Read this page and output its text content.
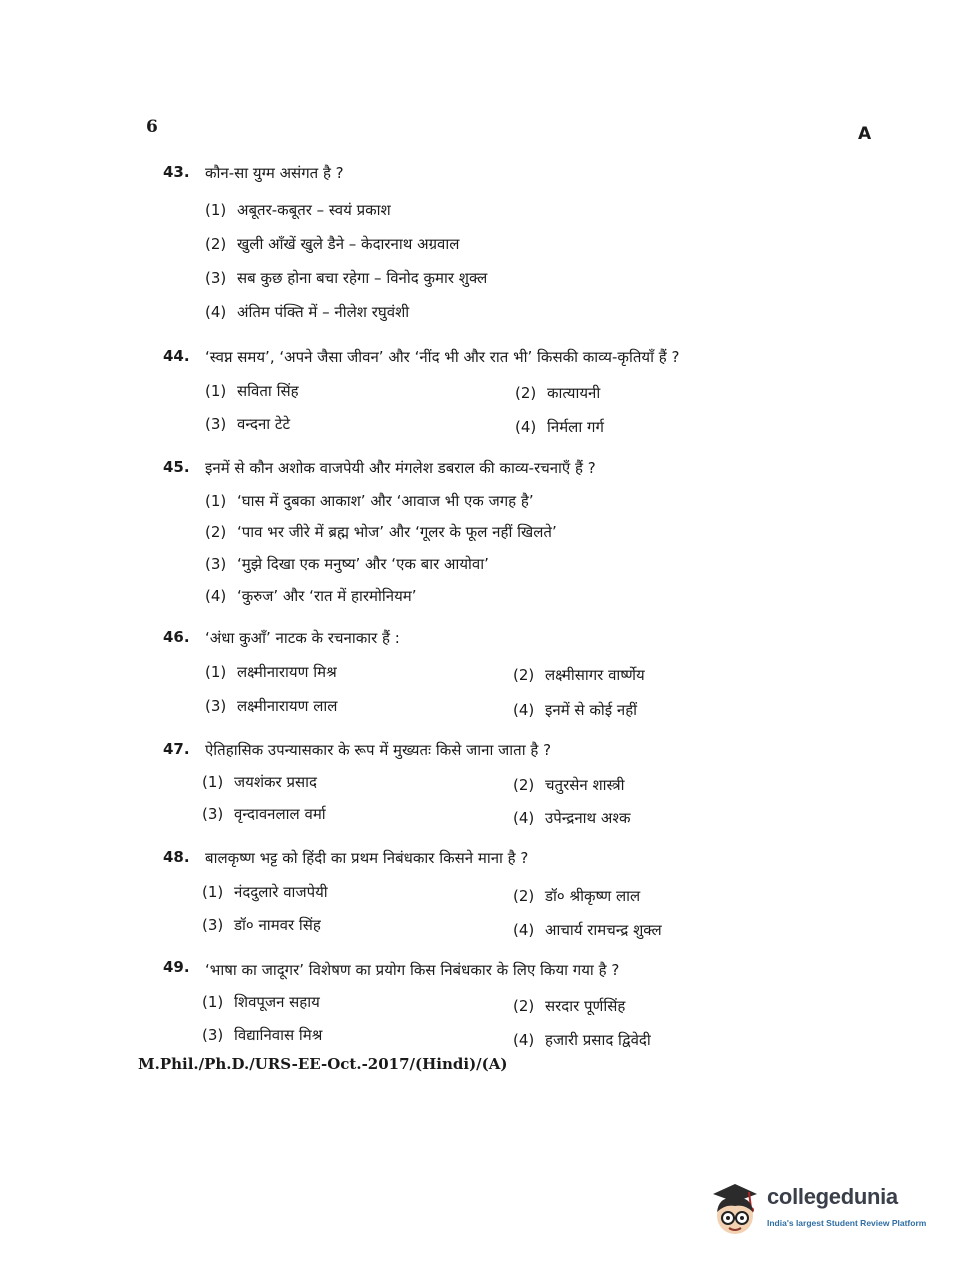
6	A
43. कौन-सा युग्म असंगत है ?
(1) अबूतर-कबूतर – स्वयं प्रकाश
(2) खुली आँखें खुले डैने – केदारनाथ अग्रवाल
(3) सब कुछ होना बचा रहेगा – विनोद कुमार शुक्ल
(4) अंतिम पंक्ति में – नीलेश रघुवंशी
44. ‘स्वप्न समय’, ‘अपने जैसा जीवन’ और ‘नींद भी और रात भी’ किसकी काव्य-कृतियाँ हैं ?
(1) सविता सिंह	(2) कात्यायनी
(3) वन्दना टेटे	(4) निर्मला गर्ग
45. इनमें से कौन अशोक वाजपेयी और मंगलेश डबराल की काव्य-रचनाएँ हैं ?
(1) ‘घास में दुबका आकाश’ और ‘आवाज भी एक जगह है’
(2) ‘पाव भर जीरे में ब्रह्म भोज’ और ‘गूलर के फूल नहीं खिलते’
(3) ‘मुझे दिखा एक मनुष्य’ और ‘एक बार आयोवा’
(4) ‘कुरुज’ और ‘रात में हारमोनियम’
46. ‘अंधा कुआँ’ नाटक के रचनाकार हैं :
(1) लक्ष्मीनारायण मिश्र	(2) लक्ष्मीसागर वार्ष्णेय
(3) लक्ष्मीनारायण लाल	(4) इनमें से कोई नहीं
47. ऐतिहासिक उपन्यासकार के रूप में मुख्यतः किसे जाना जाता है ?
(1) जयशंकर प्रसाद	(2) चतुरसेन शास्त्री
(3) वृन्दावनलाल वर्मा	(4) उपेन्द्रनाथ अश्क
48. बालकृष्ण भट्ट को हिंदी का प्रथम निबंधकार किसने माना है ?
(1) नंददुलारे वाजपेयी	(2) डॉ० श्रीकृष्ण लाल
(3) डॉ० नामवर सिंह	(4) आचार्य रामचन्द्र शुक्ल
49. ‘भाषा का जादूगर’ विशेषण का प्रयोग किस निबंधकार के लिए किया गया है ?
(1) शिवपूजन सहाय	(2) सरदार पूर्णसिंह
(3) विद्यानिवास मिश्र	(4) हजारी प्रसाद द्विवेदी
M.Phil./Ph.D./URS-EE-Oct.-2017/(Hindi)/(A)
collegedunia
India's largest Student Review Platform
